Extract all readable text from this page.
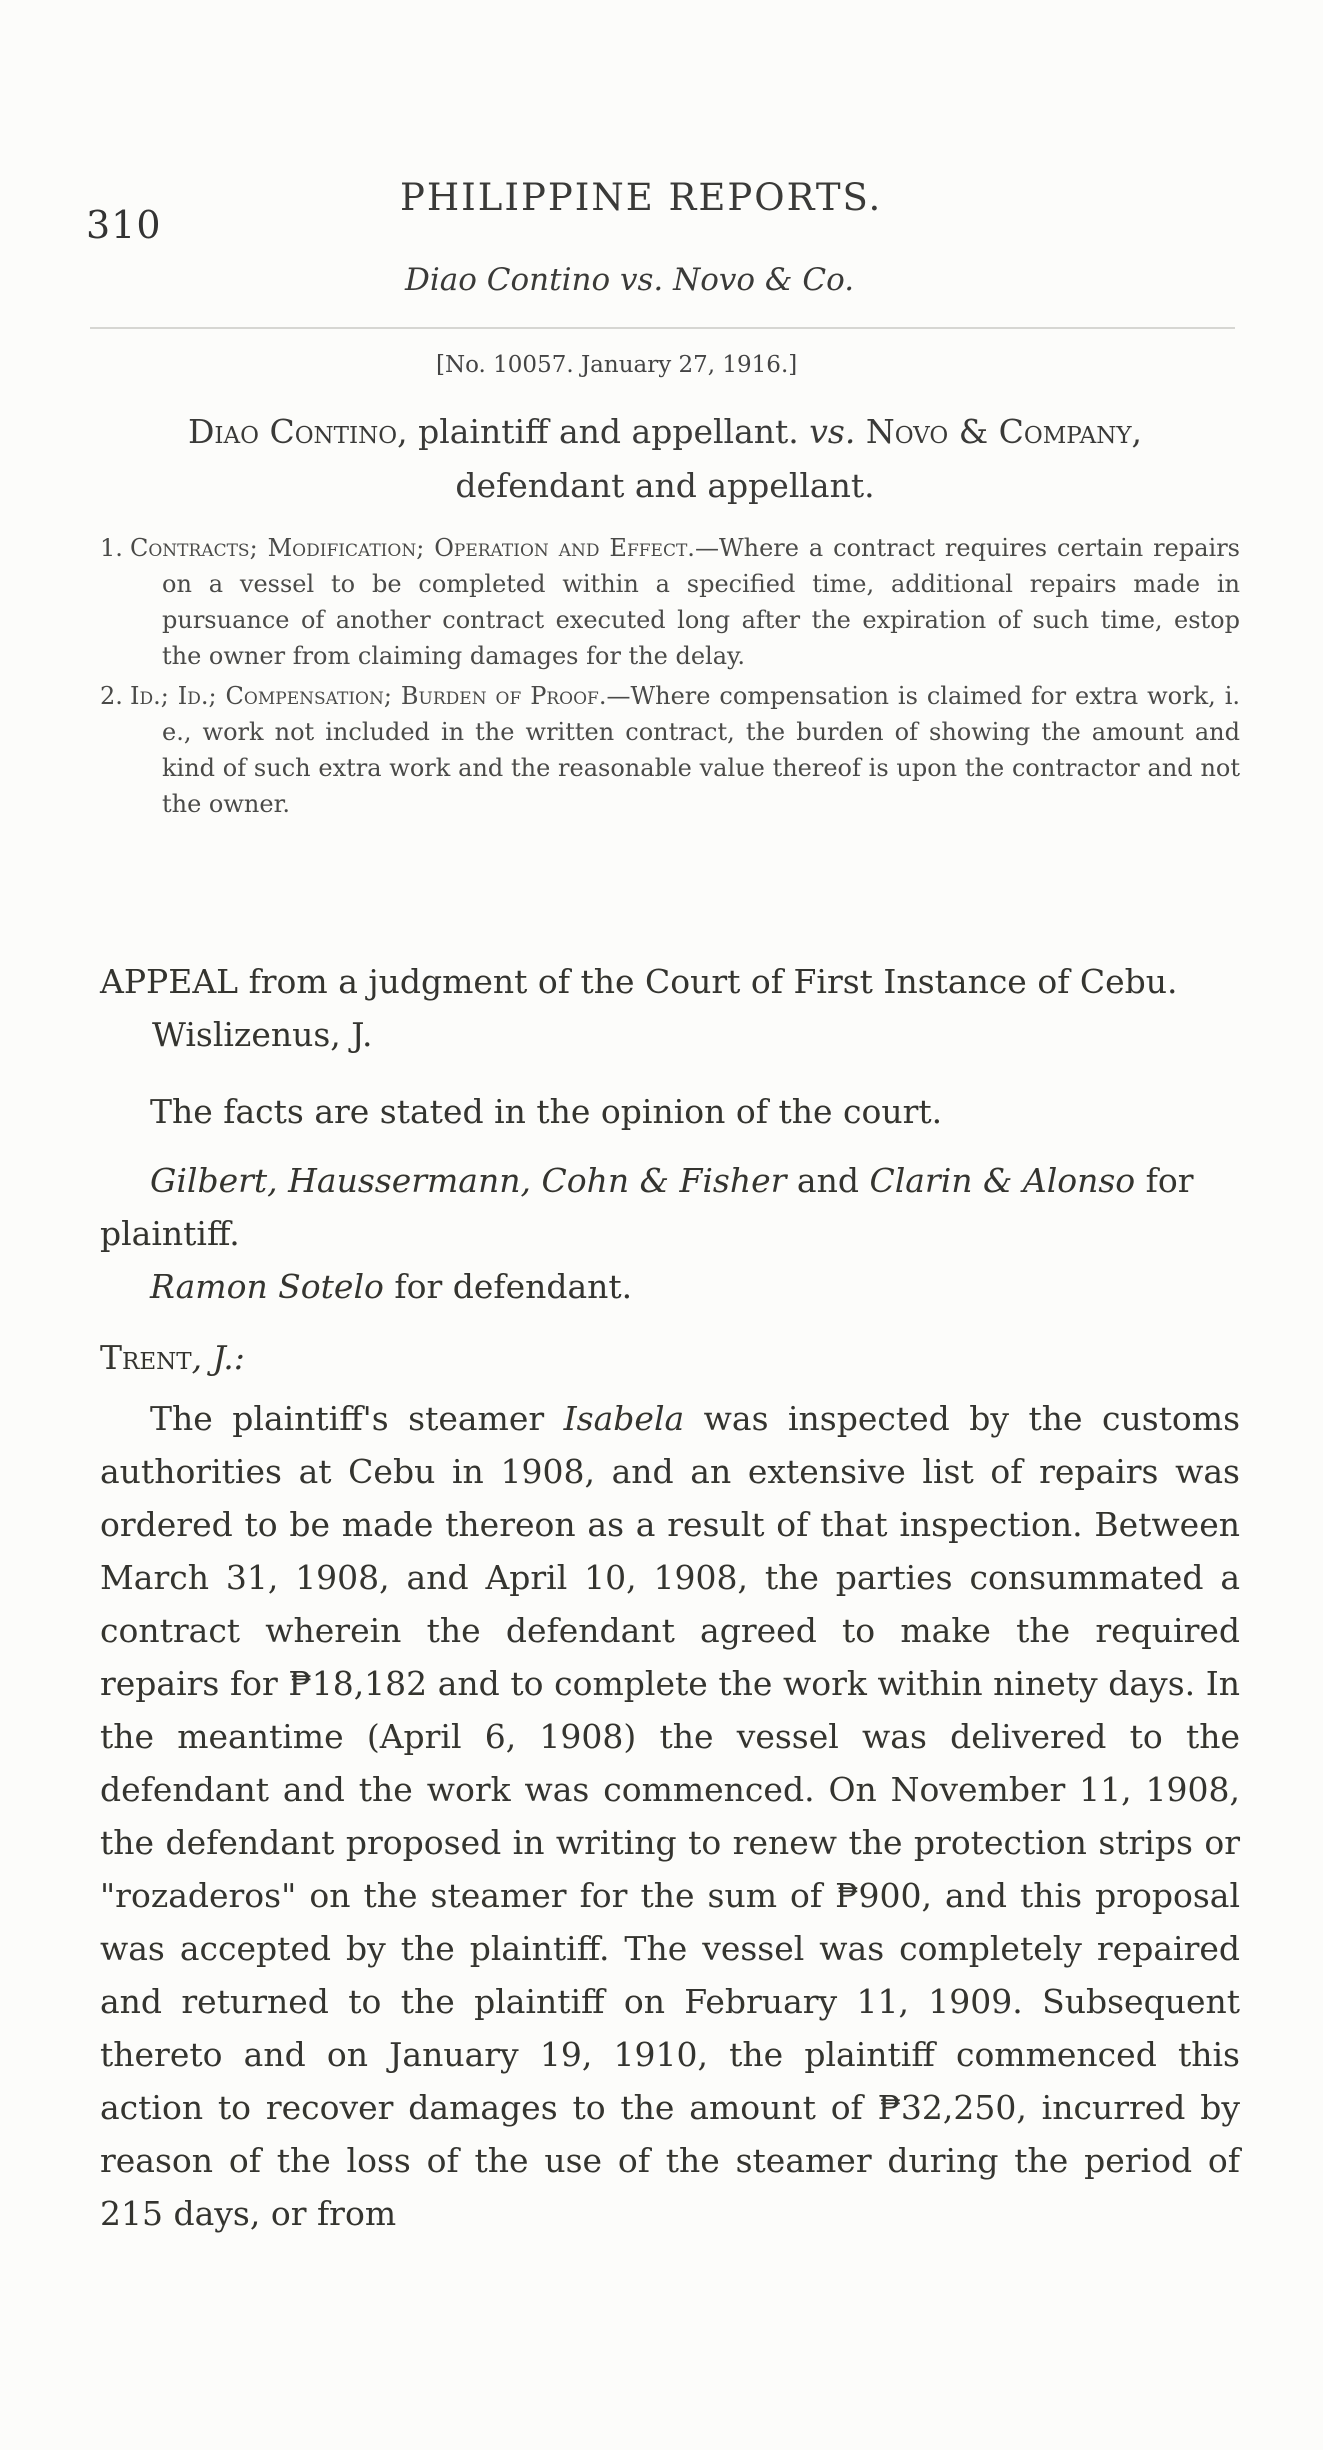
310
PHILIPPINE REPORTS.
Diao Contino vs. Novo & Co.
[No. 10057. January 27, 1916.]
Diao Contino, plaintiff and appellant. vs. Novo & Company, defendant and appellant.
1. Contracts; Modification; Operation and Effect.—Where a contract requires certain repairs on a vessel to be completed within a specified time, additional repairs made in pursuance of another contract executed long after the expiration of such time, estop the owner from claiming damages for the delay.
2. Id.; Id.; Compensation; Burden of Proof.—Where compensation is claimed for extra work, i. e., work not included in the written contract, the burden of showing the amount and kind of such extra work and the reasonable value thereof is upon the contractor and not the owner.

APPEAL from a judgment of the Court of First Instance of Cebu. Wislizenus, J.

The facts are stated in the opinion of the court.

Gilbert, Haussermann, Cohn & Fisher and Clarin & Alonso for plaintiff.

Ramon Sotelo for defendant.

Trent, J.:

The plaintiff's steamer Isabela was inspected by the customs authorities at Cebu in 1908, and an extensive list of repairs was ordered to be made thereon as a result of that inspection. Between March 31, 1908, and April 10, 1908, the parties consummated a contract wherein the defendant agreed to make the required repairs for ₱18,182 and to complete the work within ninety days. In the meantime (April 6, 1908) the vessel was delivered to the defendant and the work was commenced. On November 11, 1908, the defendant proposed in writing to renew the protection strips or "rozaderos" on the steamer for the sum of ₱900, and this proposal was accepted by the plaintiff. The vessel was completely repaired and returned to the plaintiff on February 11, 1909. Subsequent thereto and on January 19, 1910, the plaintiff commenced this action to recover damages to the amount of ₱32,250, incurred by reason of the loss of the use of the steamer during the period of 215 days, or from
